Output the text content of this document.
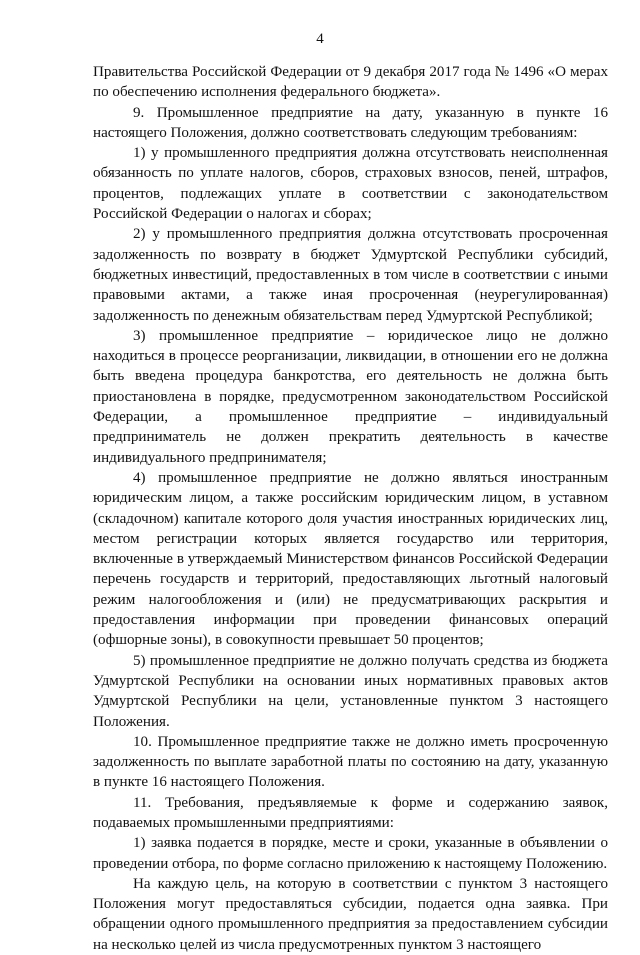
4

Правительства Российской Федерации от 9 декабря 2017 года № 1496 «О мерах по обеспечению исполнения федерального бюджета».

9. Промышленное предприятие на дату, указанную в пункте 16 настоящего Положения, должно соответствовать следующим требованиям:

1) у промышленного предприятия должна отсутствовать неисполненная обязанность по уплате налогов, сборов, страховых взносов, пеней, штрафов, процентов, подлежащих уплате в соответствии с законодательством Российской Федерации о налогах и сборах;

2) у промышленного предприятия должна отсутствовать просроченная задолженность по возврату в бюджет Удмуртской Республики субсидий, бюджетных инвестиций, предоставленных в том числе в соответствии с иными правовыми актами, а также иная просроченная (неурегулированная) задолженность по денежным обязательствам перед Удмуртской Республикой;

3) промышленное предприятие – юридическое лицо не должно находиться в процессе реорганизации, ликвидации, в отношении его не должна быть введена процедура банкротства, его деятельность не должна быть приостановлена в порядке, предусмотренном законодательством Российской Федерации, а промышленное предприятие – индивидуальный предприниматель не должен прекратить деятельность в качестве индивидуального предпринимателя;

4) промышленное предприятие не должно являться иностранным юридическим лицом, а также российским юридическим лицом, в уставном (складочном) капитале которого доля участия иностранных юридических лиц, местом регистрации которых является государство или территория, включенные в утверждаемый Министерством финансов Российской Федерации перечень государств и территорий, предоставляющих льготный налоговый режим налогообложения и (или) не предусматривающих раскрытия и предоставления информации при проведении финансовых операций (офшорные зоны), в совокупности превышает 50 процентов;

5) промышленное предприятие не должно получать средства из бюджета Удмуртской Республики на основании иных нормативных правовых актов Удмуртской Республики на цели, установленные пунктом 3 настоящего Положения.

10. Промышленное предприятие также не должно иметь просроченную задолженность по выплате заработной платы по состоянию на дату, указанную в пункте 16 настоящего Положения.

11. Требования, предъявляемые к форме и содержанию заявок, подаваемых промышленными предприятиями:

1) заявка подается в порядке, месте и сроки, указанные в объявлении о проведении отбора, по форме согласно приложению к настоящему Положению.

На каждую цель, на которую в соответствии с пунктом 3 настоящего Положения могут предоставляться субсидии, подается одна заявка. При обращении одного промышленного предприятия за предоставлением субсидии на несколько целей из числа предусмотренных пунктом 3 настоящего
